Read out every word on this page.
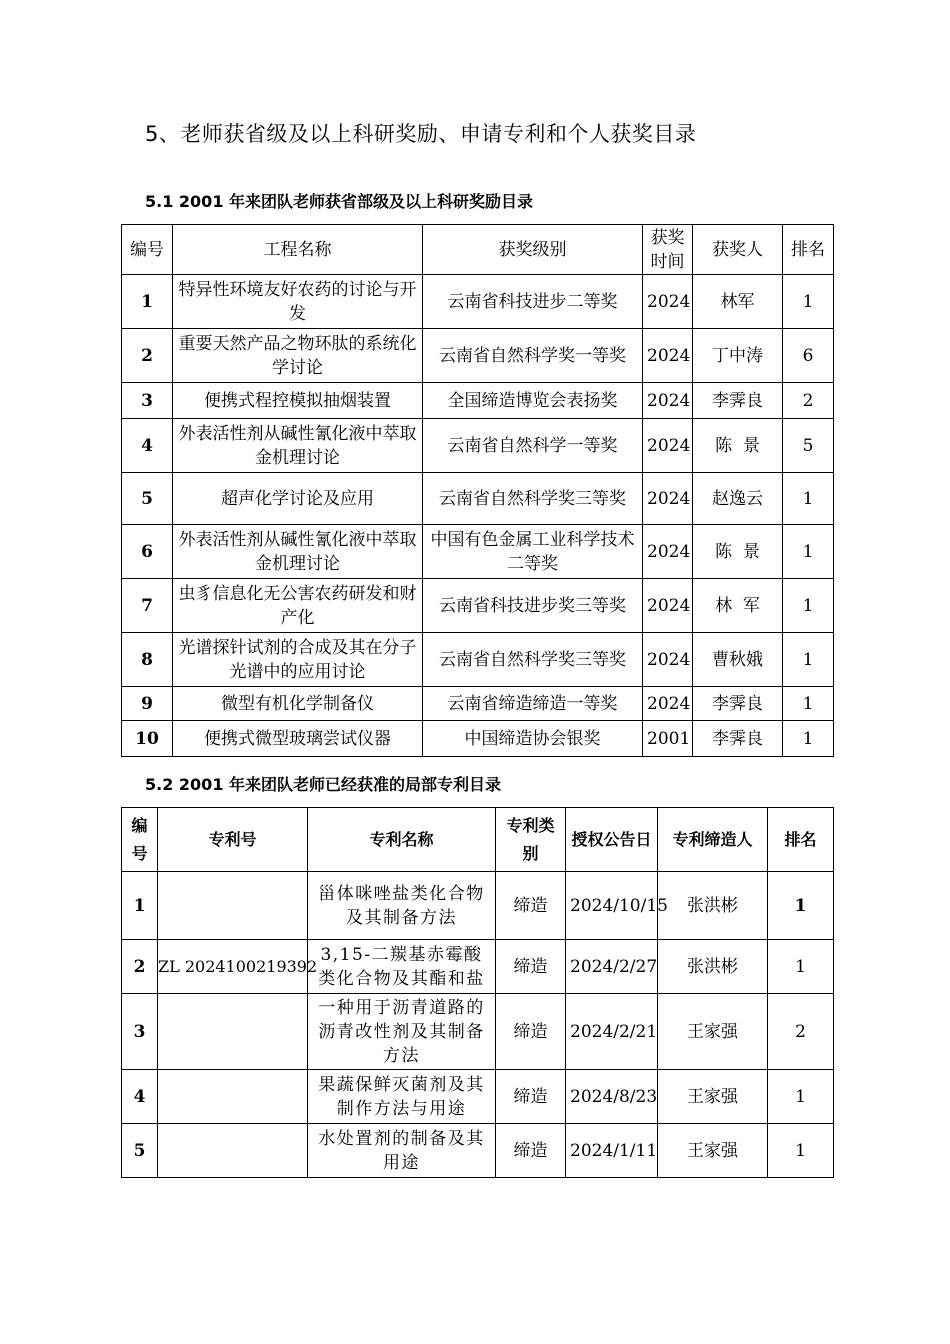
5、老师获省级及以上科研奖励、申请专利和个人获奖目录
5.1 2001 年来团队老师获省部级及以上科研奖励目录
编号	工程名称	获奖级别	获奖时间	获奖人	排名
1	特异性环境友好农药的讨论与开发	云南省科技进步二等奖	2024	林军	1
2	重要天然产品之物环肽的系统化学讨论	云南省自然科学奖一等奖	2024	丁中涛	6
3	便携式程控模拟抽烟装置	全国缔造博览会表扬奖	2024	李霁良	2
4	外表活性剂从碱性氰化液中萃取金机理讨论	云南省自然科学一等奖	2024	陈  景	5
5	超声化学讨论及应用	云南省自然科学奖三等奖	2024	赵逸云	1
6	外表活性剂从碱性氰化液中萃取金机理讨论	中国有色金属工业科学技术二等奖	2024	陈  景	1
7	虫豸信息化无公害农药研发和财产化	云南省科技进步奖三等奖	2024	林  军	1
8	光谱探针试剂的合成及其在分子光谱中的应用讨论	云南省自然科学奖三等奖	2024	曹秋娥	1
9	微型有机化学制备仪	云南省缔造缔造一等奖	2024	李霁良	1
10	便携式微型玻璃尝试仪器	中国缔造协会银奖	2001	李霁良	1
5.2 2001 年来团队老师已经获准的局部专利目录
编号	专利号	专利名称	专利类别	授权公告日	专利缔造人	排名
1		甾体咪唑盐类化合物及其制备方法	缔造	2024/10/15	张洪彬	1
2	ZL 2024100219392	3,15-二羰基赤霉酸类化合物及其酯和盐	缔造	2024/2/27	张洪彬	1
3		一种用于沥青道路的沥青改性剂及其制备方法	缔造	2024/2/21	王家强	2
4		果蔬保鲜灭菌剂及其制作方法与用途	缔造	2024/8/23	王家强	1
5		水处置剂的制备及其用途	缔造	2024/1/11	王家强	1
